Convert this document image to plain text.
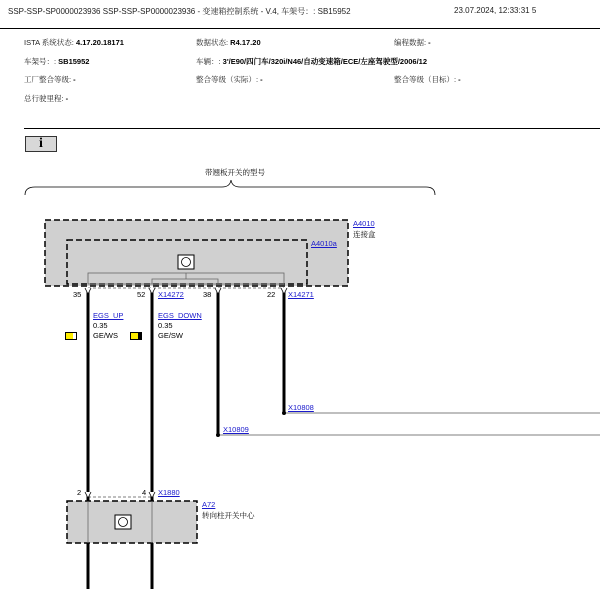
SSP-SSP-SP0000023936 SSP-SSP-SP0000023936 - 变速箱控制系统 - V.4, 车架号：: SB15952	23.07.2024, 12:33:31 5
ISTA 系统状态: 4.17.20.18171	数据状态: R4.17.20	编程数据: -
车架号：: SB15952	车辆：: 3'/E90/四门车/320i/N46/自动变速箱/ECE/左座驾驶型/2006/12
工厂整合等级: -	整合等级（实际）: -	整合等级（目标）: -
总行驶里程: -
i
带翘板开关的型号
A4010
连接盒
A4010a
35	52 X14272	38	22 X14271
EGS_UP
0.35
GE/WS
EGS_DOWN
0.35
GE/SW
X10808
X10809
2	4 X1880
A72
转向柱开关中心
